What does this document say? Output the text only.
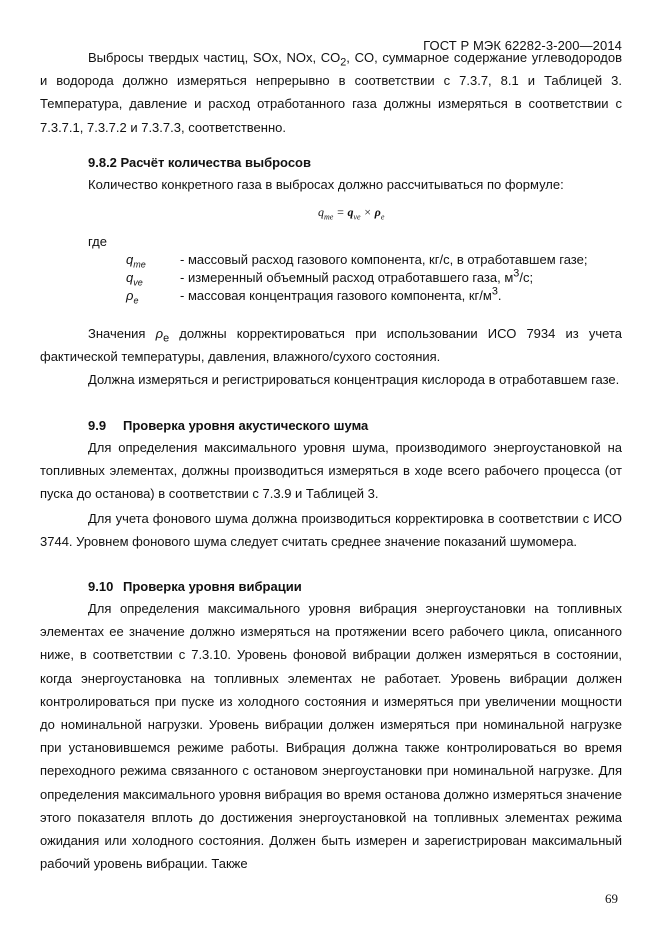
ГОСТ Р МЭК 62282-3-200—2014

Выбросы твердых частиц, SOx, NOx, $CO_2$, CO, суммарное содержание углеводородов и водорода должно измеряться непрерывно в соответствии с 7.3.7, 8.1 и Таблицей 3. Температура, давление и расход отработанного газа должны измеряться в соответствии с 7.3.7.1, 7.3.7.2 и 7.3.7.3, соответственно.

9.8.2 Расчёт количества выбросов

Количество конкретного газа в выбросах должно рассчитываться по формуле:

$q_{me} = q_{ve} \times \rho_e$
где
$q_{me}$	- массовый расход газового компонента, кг/с, в отработавшем газе;
$q_{ve}$	- измеренный объемный расход отработавшего газа, $м^3/с$;
$\rho_e$	- массовая концентрация газового компонента, $кг/м^3$.

Значения $\rho_e$ должны корректироваться при использовании ИСО 7934 из учета фактической температуры, давления, влажного/сухого состояния.

Должна измеряться и регистрироваться концентрация кислорода в отработавшем газе.

9.9 Проверка уровня акустического шума

Для определения максимального уровня шума, производимого энергоустановкой на топливных элементах, должны производиться измеряться в ходе всего рабочего процесса (от пуска до останова) в соответствии с 7.3.9 и Таблицей 3.

Для учета фонового шума должна производиться корректировка в соответствии с ИСО 3744. Уровнем фонового шума следует считать среднее значение показаний шумомера.

9.10 Проверка уровня вибрации

Для определения максимального уровня вибрация энергоустановки на топливных элементах ее значение должно измеряться на протяжении всего рабочего цикла, описанного ниже, в соответствии с 7.3.10. Уровень фоновой вибрации должен измеряться в состоянии, когда энергоустановка на топливных элементах не работает. Уровень вибрации должен контролироваться при пуске из холодного состояния и измеряться при увеличении мощности до номинальной нагрузки. Уровень вибрации должен измеряться при номинальной нагрузке при установившемся режиме работы. Вибрация должна также контролироваться во время переходного режима связанного с остановом энергоустановки при номинальной нагрузке. Для определения максимального уровня вибрация во время останова должно измеряться значение этого показателя вплоть до достижения энергоустановкой на топливных элементах режима ожидания или холодного состояния. Должен быть измерен и зарегистрирован максимальный рабочий уровень вибрации. Также

69
